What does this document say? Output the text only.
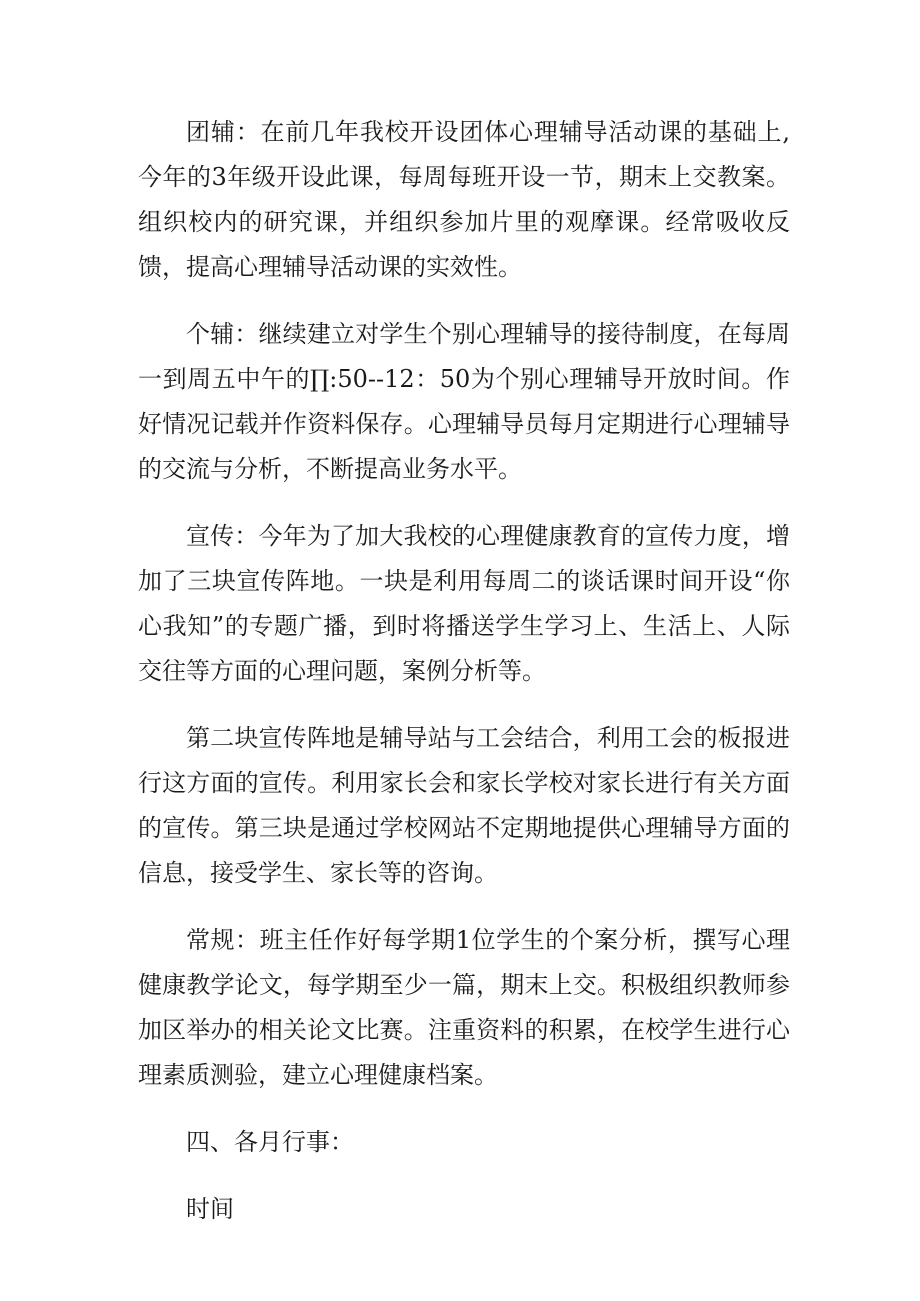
团辅：在前几年我校开设团体心理辅导活动课的基础上,今年的3年级开设此课，每周每班开设一节，期末上交教案。组织校内的研究课，并组织参加片里的观摩课。经常吸收反馈，提高心理辅导活动课的实效性。

个辅：继续建立对学生个别心理辅导的接待制度，在每周一到周五中午的∏:50--12：50为个别心理辅导开放时间。作好情况记载并作资料保存。心理辅导员每月定期进行心理辅导的交流与分析，不断提高业务水平。

宣传：今年为了加大我校的心理健康教育的宣传力度，增加了三块宣传阵地。一块是利用每周二的谈话课时间开设“你心我知”的专题广播，到时将播送学生学习上、生活上、人际交往等方面的心理问题，案例分析等。

第二块宣传阵地是辅导站与工会结合，利用工会的板报进行这方面的宣传。利用家长会和家长学校对家长进行有关方面的宣传。第三块是通过学校网站不定期地提供心理辅导方面的信息，接受学生、家长等的咨询。

常规：班主任作好每学期1位学生的个案分析，撰写心理健康教学论文，每学期至少一篇，期末上交。积极组织教师参加区举办的相关论文比赛。注重资料的积累，在校学生进行心理素质测验，建立心理健康档案。

四、各月行事：

时间
